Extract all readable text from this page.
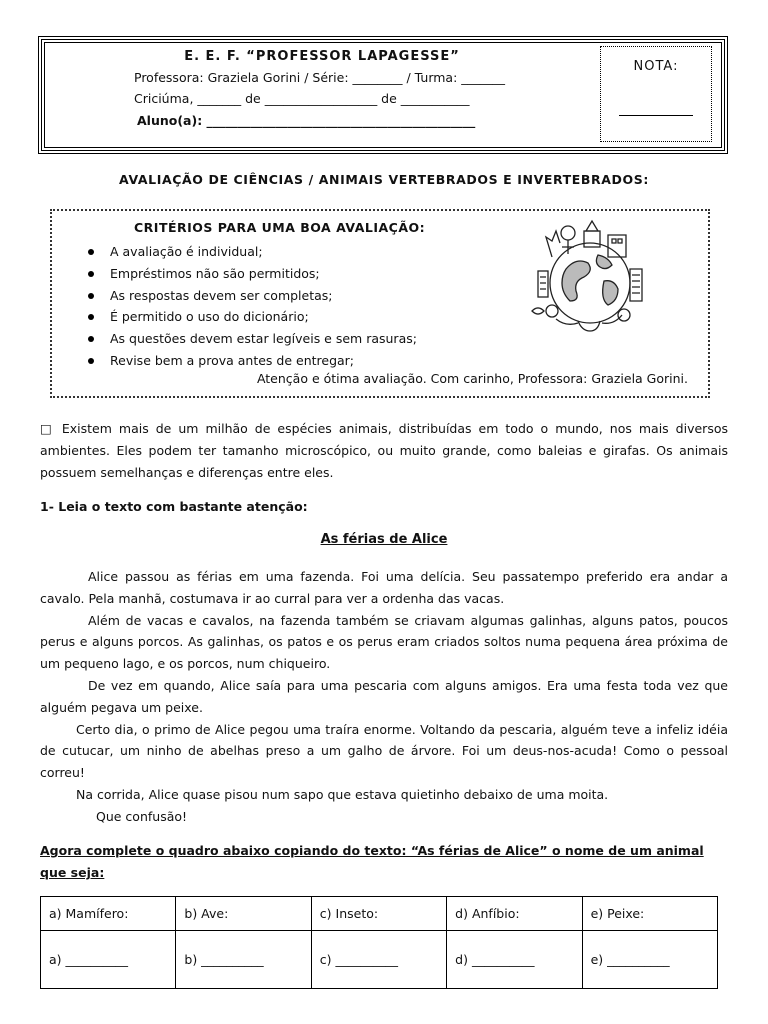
E. E. F. “PROFESSOR LAPAGESSE”
Professora: Graziela Gorini / Série: ________ / Turma: _______
Criciúma, _______ de __________________ de ___________
Aluno(a): ___________________________________________
NOTA:
AVALIAÇÃO DE CIÊNCIAS / ANIMAIS VERTEBRADOS E INVERTEBRADOS:
CRITÉRIOS PARA UMA BOA AVALIAÇÃO:
A avaliação é individual;
Empréstimos não são permitidos;
As respostas devem ser completas;
É permitido o uso do dicionário;
As questões devem estar legíveis e sem rasuras;
Revise bem a prova antes de entregar;
Atenção e ótima avaliação. Com carinho, Professora: Graziela Gorini.
□ Existem mais de um milhão de espécies animais, distribuídas em todo o mundo, nos mais diversos ambientes. Eles podem ter tamanho microscópico, ou muito grande, como baleias e girafas. Os animais possuem semelhanças e diferenças entre eles.
1- Leia o texto com bastante atenção:
As férias de Alice

Alice passou as férias em uma fazenda. Foi uma delícia. Seu passatempo preferido era andar a cavalo. Pela manhã, costumava ir ao curral para ver a ordenha das vacas.

Além de vacas e cavalos, na fazenda também se criavam algumas galinhas, alguns patos, poucos perus e alguns porcos. As galinhas, os patos e os perus eram criados soltos numa pequena área próxima de um pequeno lago, e os porcos, num chiqueiro.

De vez em quando, Alice saía para uma pescaria com alguns amigos. Era uma festa toda vez que alguém pegava um peixe.

Certo dia, o primo de Alice pegou uma traíra enorme. Voltando da pescaria, alguém teve a infeliz idéia de cutucar, um ninho de abelhas preso a um galho de árvore. Foi um deus-nos-acuda! Como o pessoal correu!

Na corrida, Alice quase pisou num sapo que estava quietinho debaixo de uma moita.

Que confusão!

Agora complete o quadro abaixo copiando do texto: “As férias de Alice” o nome de um animal que seja:
a) Mamífero:	b) Ave:	c) Inseto:	d) Anfíbio:	e) Peixe:
a) __________	b) __________	c) __________	d) __________	e) __________
